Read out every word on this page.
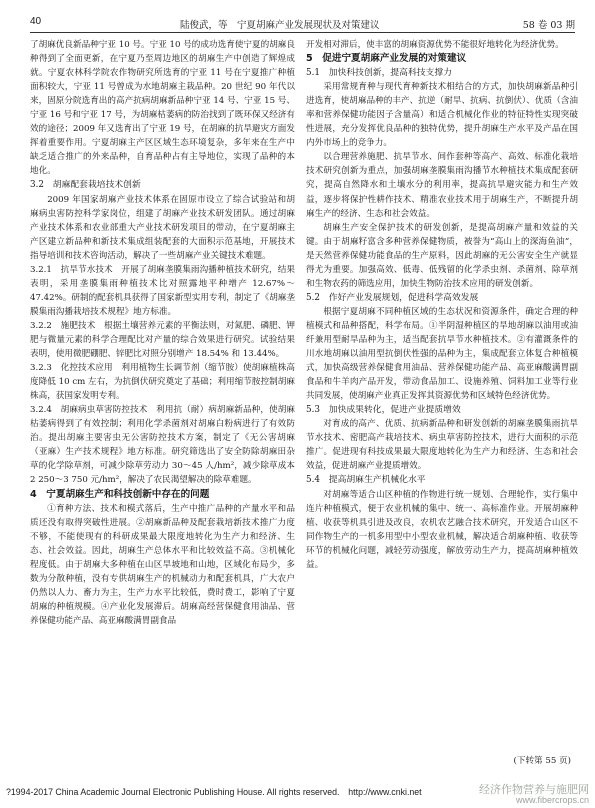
40	陆俊武，等　宁夏胡麻产业发展现状及对策建议	58 卷 03 期

了胡麻优良新品种宁亚 10 号。宁亚 10 号的成功选育使宁夏的胡麻良种得到了全面更新，在宁夏乃至周边地区的胡麻生产中创造了辉煌成就。宁夏农林科学院农作物研究所选育的宁亚 11 号在宁夏推广种植面积较大，宁亚 11 号曾成为水地胡麻主栽品种。20 世纪 90 年代以来，固原分院选育出的高产抗病胡麻新品种宁亚 14 号、宁亚 15 号、宁亚 16 号和宁亚 17 号，为胡麻枯萎病的防治找到了既环保又经济有效的途径；2009 年又选育出了宁亚 19 号，在胡麻的抗旱避灾方面发挥着重要作用。宁夏胡麻主产区区域生态环境复杂，多年来在生产中缺乏适合推广的外来品种，自育品种占有主导地位，实现了品种的本地化。

3.2　胡麻配套栽培技术创新

2009 年国家胡麻产业技术体系在固原市设立了综合试验站和胡麻病虫害防控科学家岗位，组建了胡麻产业技术研发团队。通过胡麻产业技术体系和农业部重大产业技术研发项目的带动，在宁夏胡麻主产区建立新品种和新技术集成组装配套的大面积示范基地，开展技术指导培训和技术咨询活动，解决了一些胡麻产业关键技术难题。

3.2.1　抗旱节水技术　开展了胡麻垄膜集雨沟播种植技术研究，结果表明，采用垄膜集雨种植技术比对照露地平种增产 12.67%～47.42%。研制的配套机具获得了国家新型实用专利，制定了《胡麻垄膜集雨沟播栽培技术规程》地方标准。

3.2.2　施肥技术　根据土壤营养元素的平衡法则，对氮肥、磷肥、钾肥与微量元素的科学合理配比对产量的综合效果进行研究。试验结果表明，使用微肥硼肥、锌肥比对照分别增产 18.54% 和 13.44%。

3.2.3　化控技术应用　利用植物生长调节剂（缩节胺）使胡麻植株高度降低 10 cm 左右，为抗倒伏研究奠定了基础；利用缩节胺控制胡麻株高，获国家发明专利。

3.2.4　胡麻病虫草害防控技术　利用抗（耐）病胡麻新品种，使胡麻枯萎病得到了有效控制；利用化学杀菌剂对胡麻白粉病进行了有效防治。提出胡麻主要害虫无公害防控技术方案，制定了《无公害胡麻（亚麻）生产技术规程》地方标准。研究筛选出了安全防除胡麻田杂草的化学除草剂，可减少除草劳动力 30～45 人/hm²，减少除草成本 2 250～3 750 元/hm²，解决了农民渴望解决的除草难题。

4　宁夏胡麻生产和科技创新中存在的问题

①育种方法、技术和模式落后，生产中推广品种的产量水平和品质还没有取得突破性进展。②胡麻新品种及配套栽培新技术推广力度不够，不能使现有的科研成果最大限度地转化为生产力和经济、生态、社会效益。因此，胡麻生产总体水平和比较效益不高。③机械化程度低。由于胡麻大多种植在山区旱坡地和山地，区域化布局少，多数为分散种植，没有专供胡麻生产的机械动力和配套机具，广大农户仍然以人力、畜力为主，生产力水平比较低，费时费工，影响了宁夏胡麻的种植规模。④产业化发展滞后。胡麻高经营保健食用油品、营养保健功能产品、高亚麻酸满胃副食品

开发相对滞后，使丰富的胡麻资源优势不能很好地转化为经济优势。

5　促进宁夏胡麻产业发展的对策建议
5.1　加快科技创新，提高科技支撑力

采用常规育种与现代育种新技术相结合的方式，加快胡麻新品种引进选育，使胡麻品种的丰产、抗逆（耐旱、抗病、抗倒伏）、优质（含油率和营养保健功能因子含量高）和适合机械化作业的特征特性实现突破性进展，充分发挥优良品种的独特优势，提升胡麻生产水平及产品在国内外市场上的竞争力。

以合理营养施肥、抗旱节水、间作套种等高产、高效、标准化栽培技术研究创新为重点，加强胡麻垄膜集雨沟播节水种植技术集成配套研究，提高自然降水和土壤水分的利用率，提高抗旱避灾能力和生产效益，逐步将保护性耕作技术、精准农业技术用于胡麻生产，不断提升胡麻生产的经济、生态和社会效益。

胡麻生产安全保护技术的研发创新，是提高胡麻产量和效益的关键。由于胡麻籽富含多种营养保健物质，被誉为“高山上的深海鱼油”，是天然营养保健功能食品的生产原料，因此胡麻的无公害安全生产就显得尤为重要。加强高效、低毒、低残留的化学杀虫剂、杀菌剂、除草剂和生物农药的筛选应用，加快生物防治技术应用的研发创新。

5.2　作好产业发展规划，促进科学高效发展

根据宁夏胡麻不同种植区域的生态状况和资源条件，确定合理的种植模式和品种搭配，科学布局。①半阴湿种植区的旱地胡麻以油用或油纤兼用型耐旱品种为主，适当配套抗旱节水种植技术。②有灌溉条件的川水地胡麻以油用型抗倒伏性强的品种为主，集成配套立体复合种植模式，加快高级营养保健食用油品、营养保健功能产品、高亚麻酸满胃副食品和牛羊肉产品开发，带动食品加工、设施养殖、饲料加工业等行业共同发展，使胡麻产业真正发挥其资源优势和区域特色经济优势。

5.3　加快成果转化，促进产业提质增效

对育成的高产、优质、抗病新品种和研发创新的胡麻垄膜集雨抗旱节水技术、密肥高产栽培技术、病虫草害防控技术，进行大面积的示范推广。促进现有科技成果最大限度地转化为生产力和经济、生态和社会效益，促进胡麻产业提质增效。

5.4　提高胡麻生产机械化水平

对胡麻等适合山区种植的作物进行统一规划、合理轮作，实行集中连片种植模式，便于农业机械的集中、统一、高标准作业。开展胡麻种植、收获等机具引进及改良，农机农艺融合技术研究，开发适合山区不同作物生产的一机多用型中小型农业机械，解决适合胡麻种植、收获等环节的机械化问题，减轻劳动强度，解放劳动生产力，提高胡麻种植效益。

(下转第 55 页)
?1994-2017 China Academic Journal Electronic Publishing House. All rights reserved.　http://www.cnki.net	经济作物营养与施肥网
www.fibercrops.cn
